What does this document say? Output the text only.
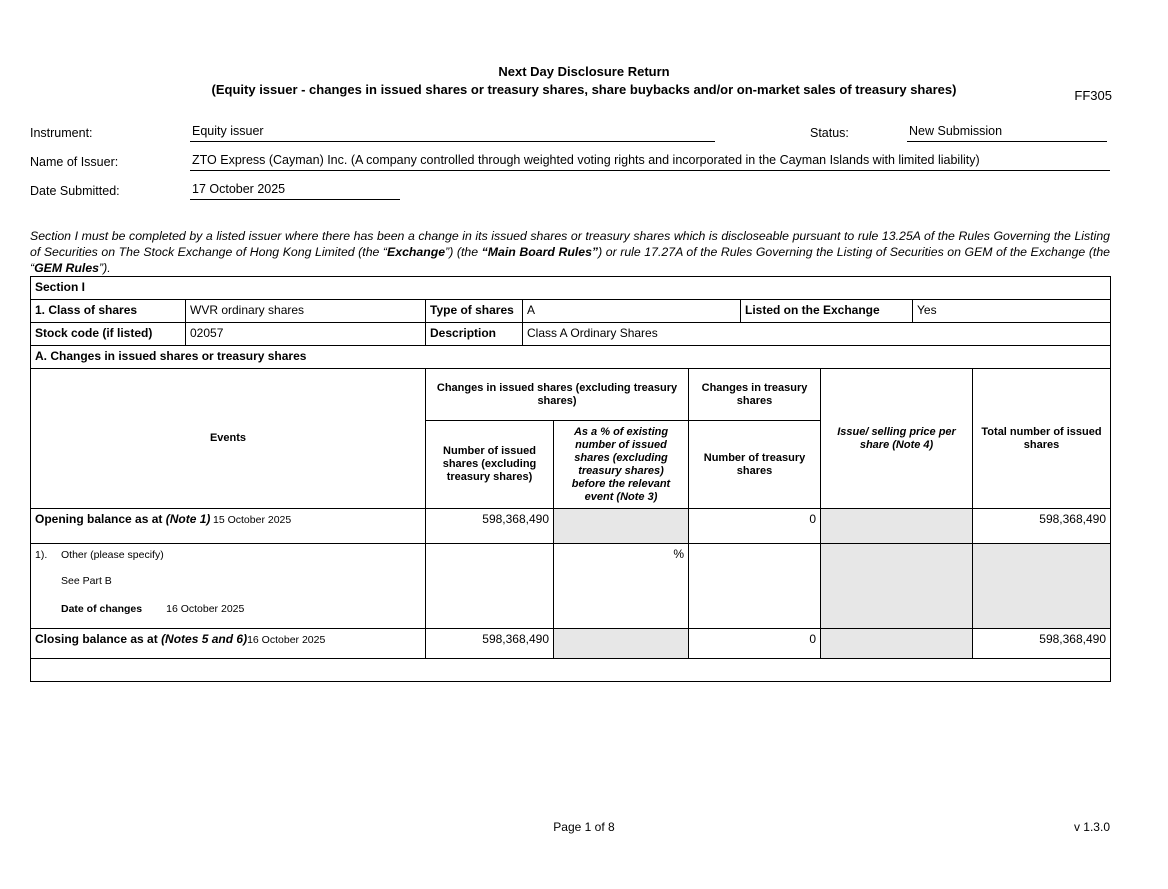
FF305
Next Day Disclosure Return
(Equity issuer - changes in issued shares or treasury shares, share buybacks and/or on-market sales of treasury shares)
Instrument:	Equity issuer	Status:	New Submission
Name of Issuer:	ZTO Express (Cayman) Inc. (A company controlled through weighted voting rights and incorporated in the Cayman Islands with limited liability)
Date Submitted:	17 October 2025

Section I must be completed by a listed issuer where there has been a change in its issued shares or treasury shares which is discloseable pursuant to rule 13.25A of the Rules Governing the Listing of Securities on The Stock Exchange of Hong Kong Limited (the “Exchange”) (the “Main Board Rules”) or rule 17.27A of the Rules Governing the Listing of Securities on GEM of the Exchange (the “GEM Rules”).

Section I					
1. Class of shares	WVR ordinary shares	Type of shares	A	Listed on the Exchange	Yes
Stock code (if listed)	02057	Description	Class A Ordinary Shares		
A. Changes in issued shares or treasury shares					
Events	Changes in issued shares (excluding treasury shares)		Changes in treasury shares	Issue/ selling price per share (Note 4)	Total number of issued shares
	Number of issued shares (excluding treasury shares)	As a % of existing number of issued shares (excluding treasury shares) before the relevant event (Note 3)	Number of treasury shares		
Opening balance as at (Note 1) 15 October 2025	598,368,490		0		598,368,490

1). Other (please specify)
See Part B
Date of changes 16 October 2025		%			
Closing balance as at (Notes 5 and 6)16 October 2025	598,368,490		0		598,368,490

Page 1 of 8	v 1.3.0
